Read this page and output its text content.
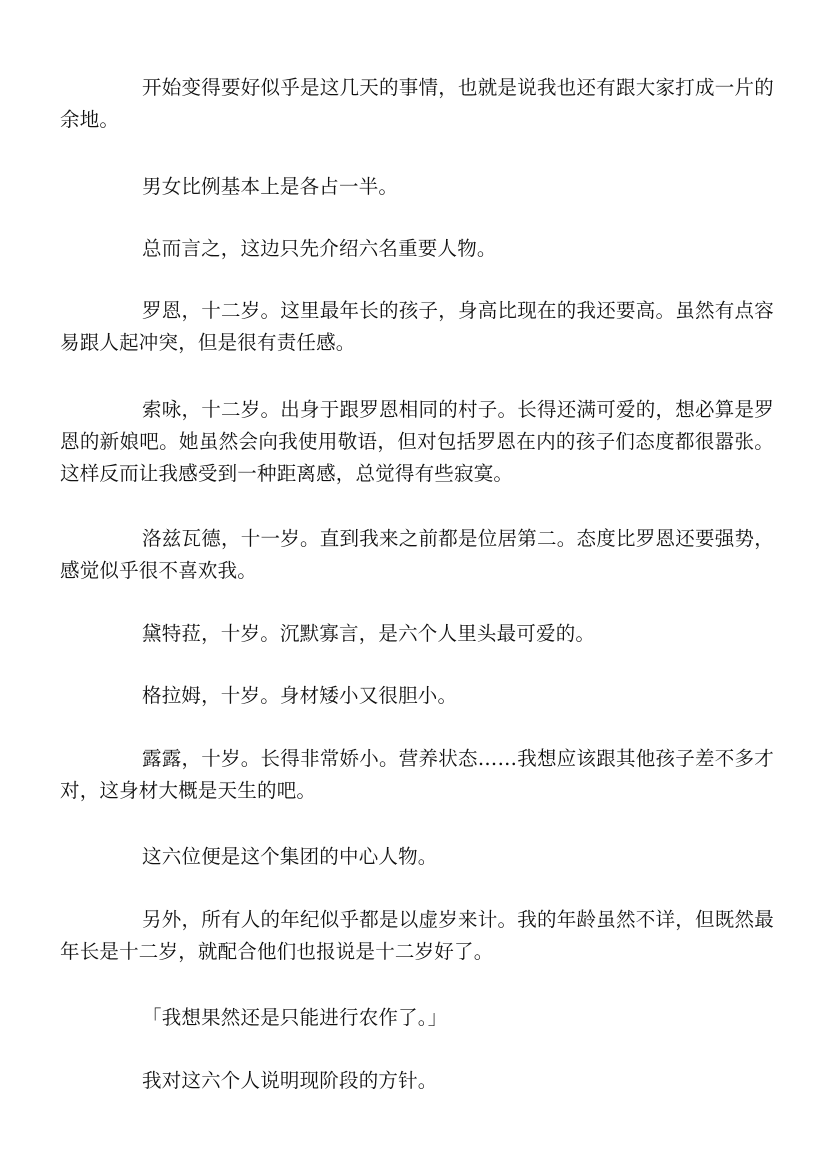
开始变得要好似乎是这几天的事情，也就是说我也还有跟大家打成一片的余地。

男女比例基本上是各占一半。

总而言之，这边只先介绍六名重要人物。

罗恩，十二岁。这里最年长的孩子，身高比现在的我还要高。虽然有点容易跟人起冲突，但是很有责任感。

索咏，十二岁。出身于跟罗恩相同的村子。长得还满可爱的，想必算是罗恩的新娘吧。她虽然会向我使用敬语，但对包括罗恩在内的孩子们态度都很嚣张。这样反而让我感受到一种距离感，总觉得有些寂寞。

洛兹瓦德，十一岁。直到我来之前都是位居第二。态度比罗恩还要强势，感觉似乎很不喜欢我。

黛特菈，十岁。沉默寡言，是六个人里头最可爱的。

格拉姆，十岁。身材矮小又很胆小。

露露，十岁。长得非常娇小。营养状态……我想应该跟其他孩子差不多才对，这身材大概是天生的吧。

这六位便是这个集团的中心人物。

另外，所有人的年纪似乎都是以虚岁来计。我的年龄虽然不详，但既然最年长是十二岁，就配合他们也报说是十二岁好了。

「我想果然还是只能进行农作了。」

我对这六个人说明现阶段的方针。
